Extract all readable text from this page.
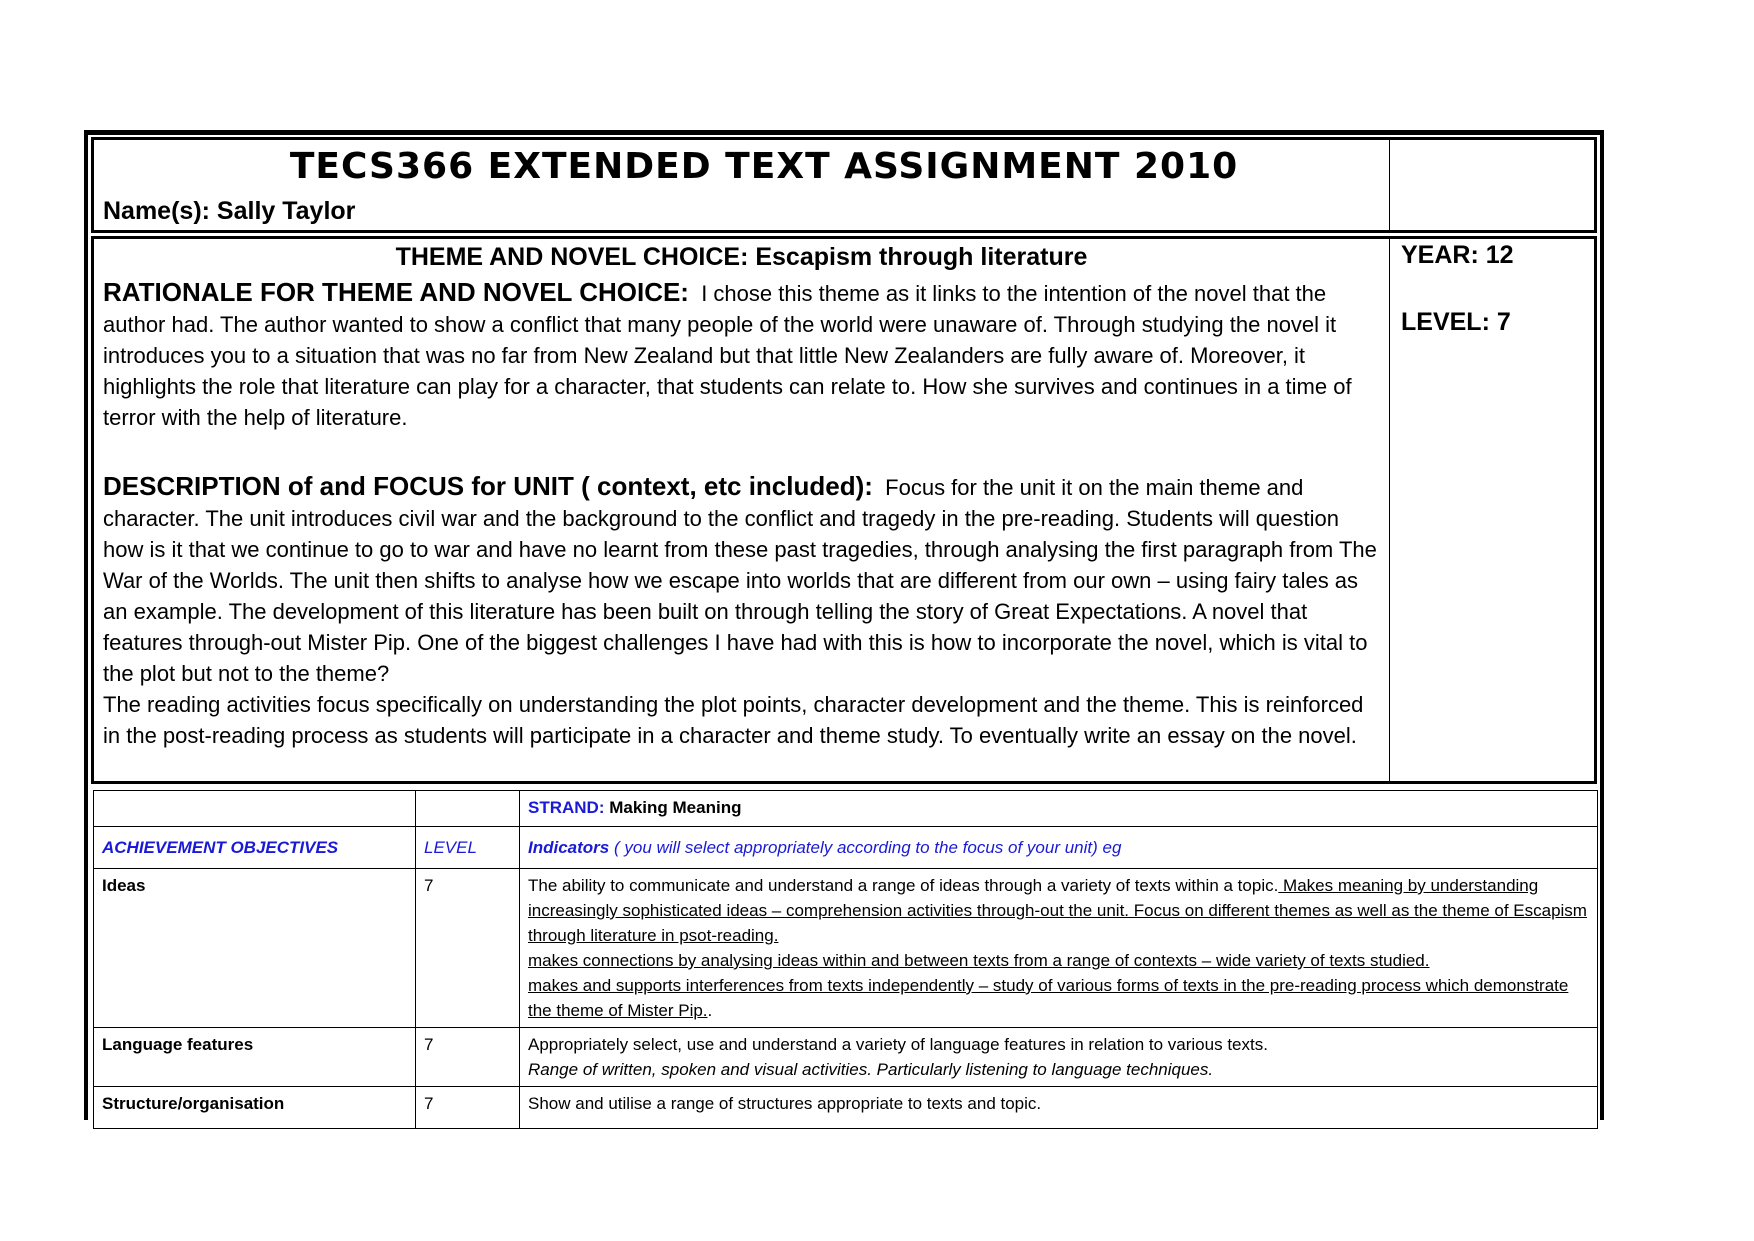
TECS366 EXTENDED TEXT ASSIGNMENT 2010
Name(s): Sally Taylor
THEME AND NOVEL CHOICE: Escapism through literature
RATIONALE FOR THEME AND NOVEL CHOICE: I chose this theme as it links to the intention of the novel that the author had. The author wanted to show a conflict that many people of the world were unaware of. Through studying the novel it introduces you to a situation that was no far from New Zealand but that little New Zealanders are fully aware of. Moreover, it highlights the role that literature can play for a character, that students can relate to. How she survives and continues in a time of terror with the help of literature.
DESCRIPTION of and FOCUS for UNIT ( context, etc included): Focus for the unit it on the main theme and character. The unit introduces civil war and the background to the conflict and tragedy in the pre-reading. Students will question how is it that we continue to go to war and have no learnt from these past tragedies, through analysing the first paragraph from The War of the Worlds. The unit then shifts to analyse how we escape into worlds that are different from our own – using fairy tales as an example. The development of this literature has been built on through telling the story of Great Expectations. A novel that features through-out Mister Pip. One of the biggest challenges I have had with this is how to incorporate the novel, which is vital to the plot but not to the theme?
The reading activities focus specifically on understanding the plot points, character development and the theme. This is reinforced in the post-reading process as students will participate in a character and theme study. To eventually write an essay on the novel.
YEAR: 12
LEVEL: 7
		STRAND: Making Meaning
ACHIEVEMENT OBJECTIVES	LEVEL	Indicators ( you will select appropriately according to the focus of your unit) eg
Ideas	7	The ability to communicate and understand a range of ideas through a variety of texts within a topic. Makes meaning by understanding increasingly sophisticated ideas – comprehension activities through-out the unit. Focus on different themes as well as the theme of Escapism through literature in psot-reading.
makes connections by analysing ideas within and between texts from a range of contexts – wide variety of texts studied.
makes and supports interferences from texts independently – study of various forms of texts in the pre-reading process which demonstrate the theme of Mister Pip..
Language features	7	Appropriately select, use and understand a variety of language features in relation to various texts.
Range of written, spoken and visual activities. Particularly listening to language techniques.
Structure/organisation	7	Show and utilise a range of structures appropriate to texts and topic.
